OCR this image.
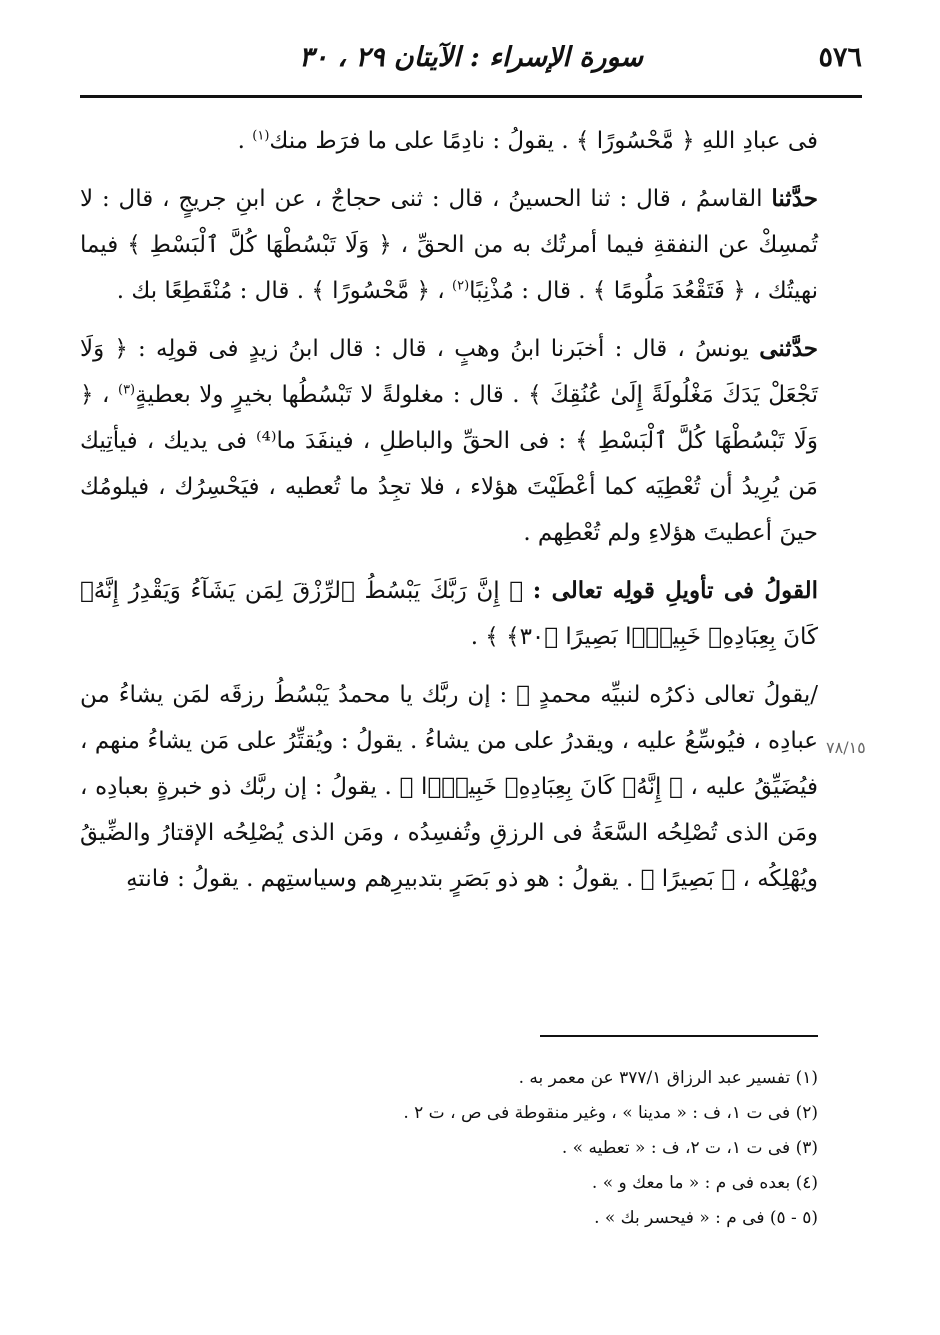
٥٧٦
سورة الإسراء : الآيتان ٢٩ ، ٣٠
٧٨/١٥

فى عبادِ اللهِ ﴿ مَّحْسُورًا ﴾ . يقولُ : نادِمًا على ما فرَط منك$^{(١)}$ .

حدَّثنا القاسمُ ، قال : ثنا الحسينُ ، قال : ثنى حجاجٌ ، عن ابنِ جريجٍ ، قال : لا تُمسِكْ عن النفقةِ فيما أمرتُك به من الحقِّ ، ﴿ وَلَا تَبْسُطْهَا كُلَّ ٱلْبَسْطِ ﴾ فيما نهيتُك ، ﴿ فَتَقْعُدَ مَلُومًا ﴾ . قال : مُذْنِبًا$^{(٢)}$ ، ﴿ مَّحْسُورًا ﴾ . قال : مُنْقَطِعًا بك .

حدَّثنى يونسُ ، قال : أخبَرنا ابنُ وهبٍ ، قال : قال ابنُ زيدٍ فى قولِه : ﴿ وَلَا تَجْعَلْ يَدَكَ مَغْلُولَةً إِلَىٰ عُنُقِكَ ﴾ . قال : مغلولةً لا تَبْسُطُها بخيرٍ ولا بعطيةٍ$^{(٣)}$ ، ﴿ وَلَا تَبْسُطْهَا كُلَّ ٱلْبَسْطِ ﴾ : فى الحقِّ والباطلِ ، فينفَدَ ما⁽⁴⁾ فى يديك ، فيأتِيك مَن يُرِيدُ أن تُعْطِيَه كما أعْطَيْتَ هؤلاء ، فلا تجِدُ ما تُعطيه ، فيَحْسِرُك ، فيلومُك حينَ أعطيتَ هؤلاءِ ولم تُعْطِهم .

القولُ فى تأويلِ قولِه تعالى : ﴿ إِنَّ رَبَّكَ يَبْسُطُ ٱلرِّزْقَ لِمَن يَشَآءُ وَيَقْدِرُ إِنَّهُۥ كَانَ بِعِبَادِهِۦ خَبِيرًۢا بَصِيرًا ﴿٣٠﴾ ﴾ .

/يقولُ تعالى ذكرُه لنبيِّه محمدٍ ﷺ : إن ربَّك يا محمدُ يَبْسُطُ رزقَه لمَن يشاءُ من عبادِه ، فيُوسِّعُ عليه ، ويقدرُ على من يشاءُ . يقولُ : ويُقتِّرُ على مَن يشاءُ منهم ، فيُضَيِّقُ عليه ، ﴿ إِنَّهُۥ كَانَ بِعِبَادِهِۦ خَبِيرًۢا ﴾ . يقولُ : إن ربَّك ذو خبرةٍ بعبادِه ، ومَن الذى تُصْلِحُه السَّعَةُ فى الرزقِ وتُفسِدُه ، ومَن الذى يُصْلِحُه الإقتارُ والضِّيقُ ويُهْلِكُه ، ﴿ بَصِيرًا ﴾ . يقولُ : هو ذو بَصَرٍ بتدبيرِهم وسياستِهم . يقولُ : فانتهِ

(١) تفسير عبد الرزاق ٣٧٧/١ عن معمر به .

(٢) فى ت ١، ف : « مدينا » ، وغير منقوطة فى ص ، ت ٢ .

(٣) فى ت ١، ت ٢، ف : « تعطيه » .

(٤) بعده فى م : « ما معك و » .

(٥ - ٥) فى م : « فيحسر بك » .
